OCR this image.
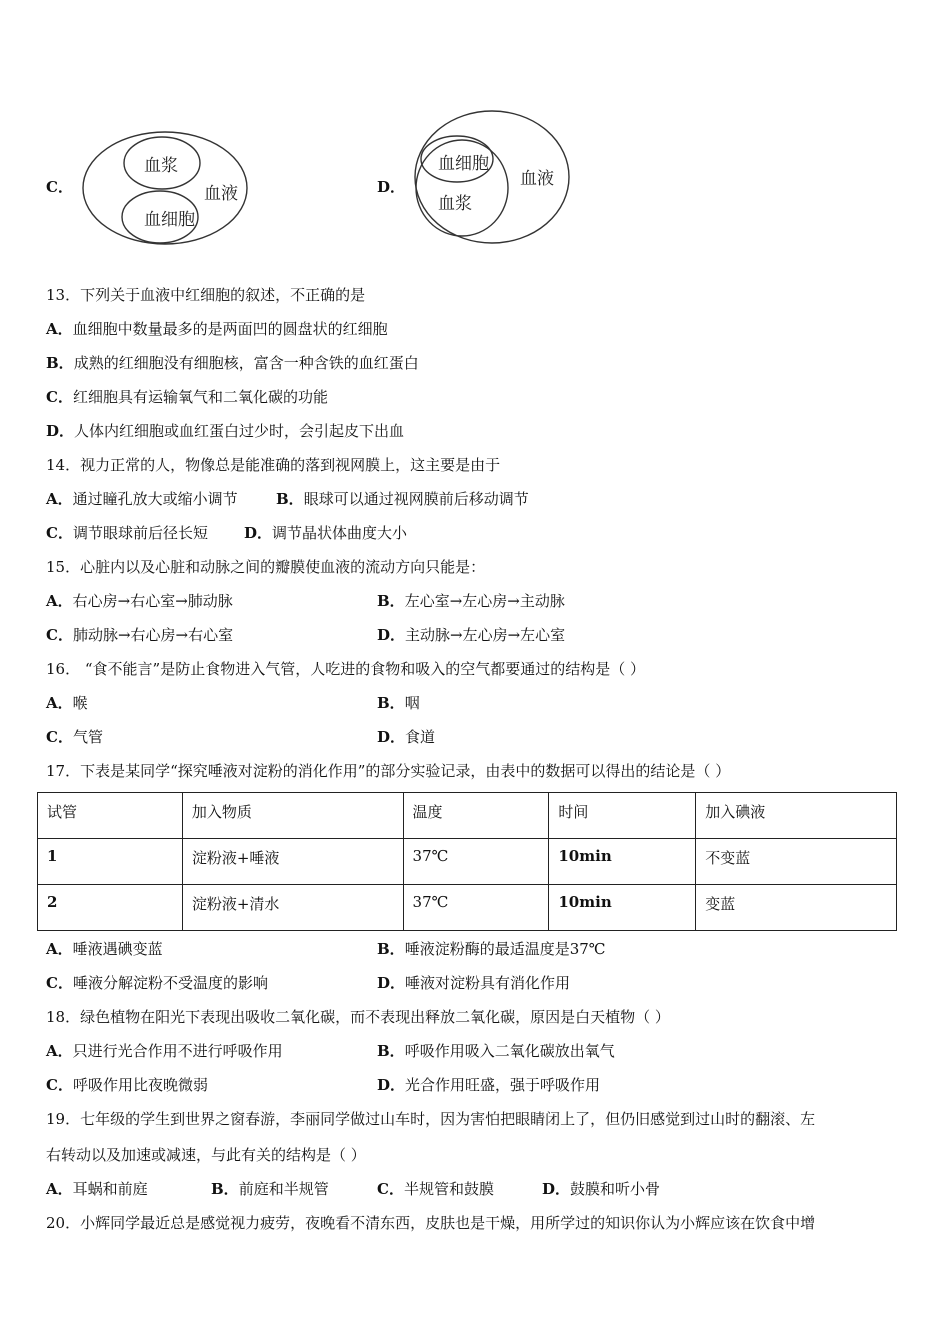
C．
血浆
血细胞
血液	D．
血细胞
血浆
血液
13．下列关于血液中红细胞的叙述，不正确的是
A．血细胞中数量最多的是两面凹的圆盘状的红细胞
B．成熟的红细胞没有细胞核，富含一种含铁的血红蛋白
C．红细胞具有运输氧气和二氧化碳的功能
D．人体内红细胞或血红蛋白过少时，会引起皮下出血
14．视力正常的人，物像总是能准确的落到视网膜上，这主要是由于
A．通过瞳孔放大或缩小调节	B．眼球可以通过视网膜前后移动调节
C．调节眼球前后径长短 D．调节晶状体曲度大小
15．心脏内以及心脏和动脉之间的瓣膜使血液的流动方向只能是：
A．右心房→右心室→肺动脉	B．左心室→左心房→主动脉
C．肺动脉→右心房→右心室	D．主动脉→左心房→左心室
16． “食不能言”是防止食物进入气管，人吃进的食物和吸入的空气都要通过的结构是（ ）
A．喉	B．咽
C．气管	D．食道
17．下表是某同学“探究唾液对淀粉的消化作用”的部分实验记录，由表中的数据可以得出的结论是（ ）
试管	加入物质	温度	时间	加入碘液
1	淀粉液+唾液	37℃	10min	不变蓝
2	淀粉液+清水	37℃	10min	变蓝
A．唾液遇碘变蓝	B．唾液淀粉酶的最适温度是37℃
C．唾液分解淀粉不受温度的影响	D．唾液对淀粉具有消化作用
18．绿色植物在阳光下表现出吸收二氧化碳，而不表现出释放二氧化碳，原因是白天植物（ ）
A．只进行光合作用不进行呼吸作用	B．呼吸作用吸入二氧化碳放出氧气
C．呼吸作用比夜晚微弱	D．光合作用旺盛，强于呼吸作用
19．七年级的学生到世界之窗春游，李丽同学做过山车时，因为害怕把眼睛闭上了，但仍旧感觉到过山时的翻滚、左
右转动以及加速或减速，与此有关的结构是（ ）
A．耳蜗和前庭	B．前庭和半规管	C．半规管和鼓膜	D．鼓膜和听小骨
20．小辉同学最近总是感觉视力疲劳，夜晚看不清东西，皮肤也是干燥，用所学过的知识你认为小辉应该在饮食中增
